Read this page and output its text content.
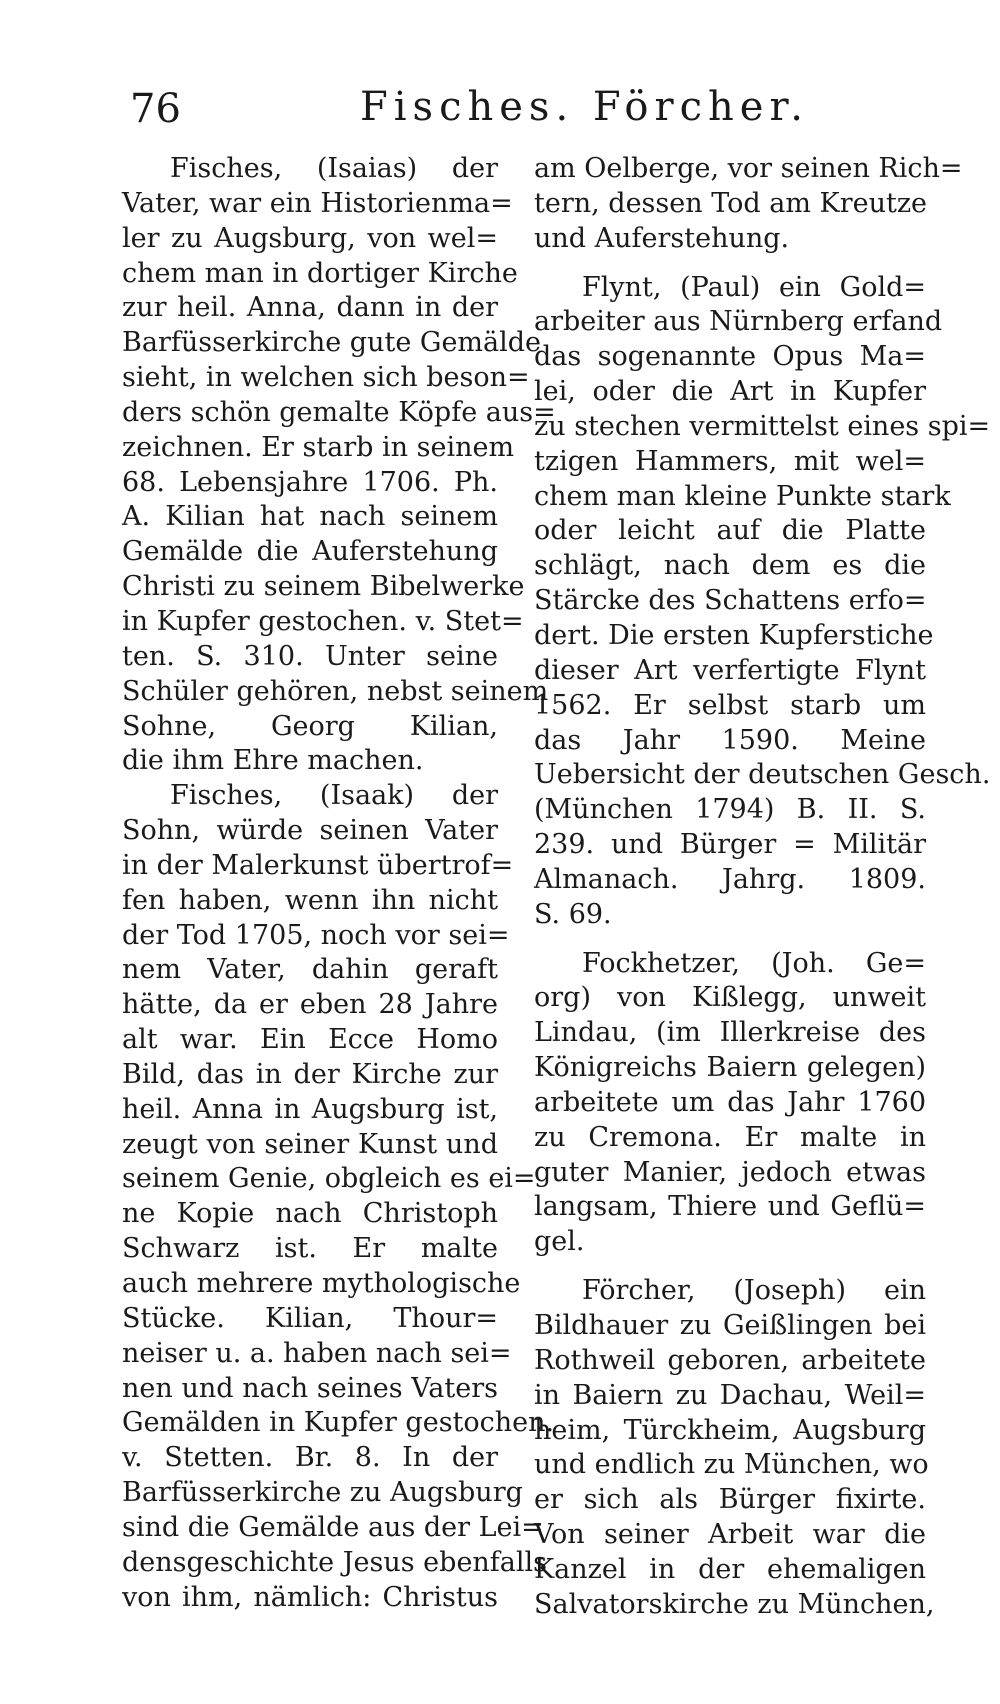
76	Fisches. Förcher.
Fisches, (Isaias) der
Vater, war ein Historienma=
ler zu Augsburg, von wel=
chem man in dortiger Kirche
zur heil. Anna, dann in der
Barfüsserkirche gute Gemälde
sieht, in welchen sich beson=
ders schön gemalte Köpfe aus=
zeichnen. Er starb in seinem
68. Lebensjahre 1706. Ph.
A. Kilian hat nach seinem
Gemälde die Auferstehung
Christi zu seinem Bibelwerke
in Kupfer gestochen. v. Stet=
ten. S. 310. Unter seine
Schüler gehören, nebst seinem
Sohne, Georg Kilian,
die ihm Ehre machen.
Fisches, (Isaak) der
Sohn, würde seinen Vater
in der Malerkunst übertrof=
fen haben, wenn ihn nicht
der Tod 1705, noch vor sei=
nem Vater, dahin geraft
hätte, da er eben 28 Jahre
alt war. Ein Ecce Homo
Bild, das in der Kirche zur
heil. Anna in Augsburg ist,
zeugt von seiner Kunst und
seinem Genie, obgleich es ei=
ne Kopie nach Christoph
Schwarz ist. Er malte
auch mehrere mythologische
Stücke. Kilian, Thour=
neiser u. a. haben nach sei=
nen und nach seines Vaters
Gemälden in Kupfer gestochen.
v. Stetten. Br. 8. In der
Barfüsserkirche zu Augsburg
sind die Gemälde aus der Lei=
densgeschichte Jesus ebenfalls
von ihm, nämlich: Christus
am Oelberge, vor seinen Rich=
tern, dessen Tod am Kreutze
und Auferstehung.
Flynt, (Paul) ein Gold=
arbeiter aus Nürnberg erfand
das sogenannte Opus Ma=
lei, oder die Art in Kupfer
zu stechen vermittelst eines spi=
tzigen Hammers, mit wel=
chem man kleine Punkte stark
oder leicht auf die Platte
schlägt, nach dem es die
Stärcke des Schattens erfo=
dert. Die ersten Kupferstiche
dieser Art verfertigte Flynt
1562. Er selbst starb um
das Jahr 1590. Meine
Uebersicht der deutschen Gesch.
(München 1794) B. II. S.
239. und Bürger = Militär
Almanach. Jahrg. 1809.
S. 69.
Fockhetzer, (Joh. Ge=
org) von Kißlegg, unweit
Lindau, (im Illerkreise des
Königreichs Baiern gelegen)
arbeitete um das Jahr 1760
zu Cremona. Er malte in
guter Manier, jedoch etwas
langsam, Thiere und Geflü=
gel.
Förcher, (Joseph) ein
Bildhauer zu Geißlingen bei
Rothweil geboren, arbeitete
in Baiern zu Dachau, Weil=
heim, Türckheim, Augsburg
und endlich zu München, wo
er sich als Bürger fixirte.
Von seiner Arbeit war die
Kanzel in der ehemaligen
Salvatorskirche zu München,
